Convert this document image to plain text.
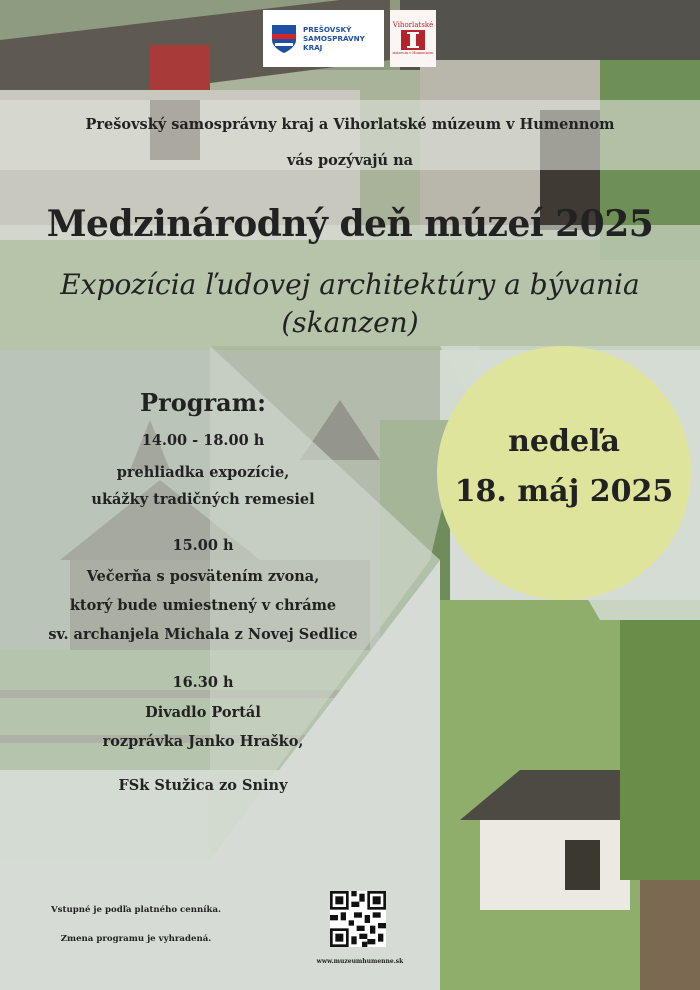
PREŠOVSKÝ
SAMOSPRÁVNY
KRAJ
Vihorlatské
múzeum v Humennom
Prešovský samosprávny kraj a Vihorlatské múzeum v Humennom
vás pozývajú na
Medzinárodný deň múzeí 2025
Expozícia ľudovej architektúry a bývania
(skanzen)
nedeľa
18. máj 2025
Program:
14.00 - 18.00 h
prehliadka expozície,
ukážky tradičných remesiel
15.00 h
Večerňa s posvätením zvona,
ktorý bude umiestnený v chráme
sv. archanjela Michala z Novej Sedlice
16.30 h
Divadlo Portál
rozprávka Janko Hraško,
FSk Stužica zo Sniny
Vstupné je podľa platného cenníka.
Zmena programu je vyhradená.
www.muzeumhumenne.sk
